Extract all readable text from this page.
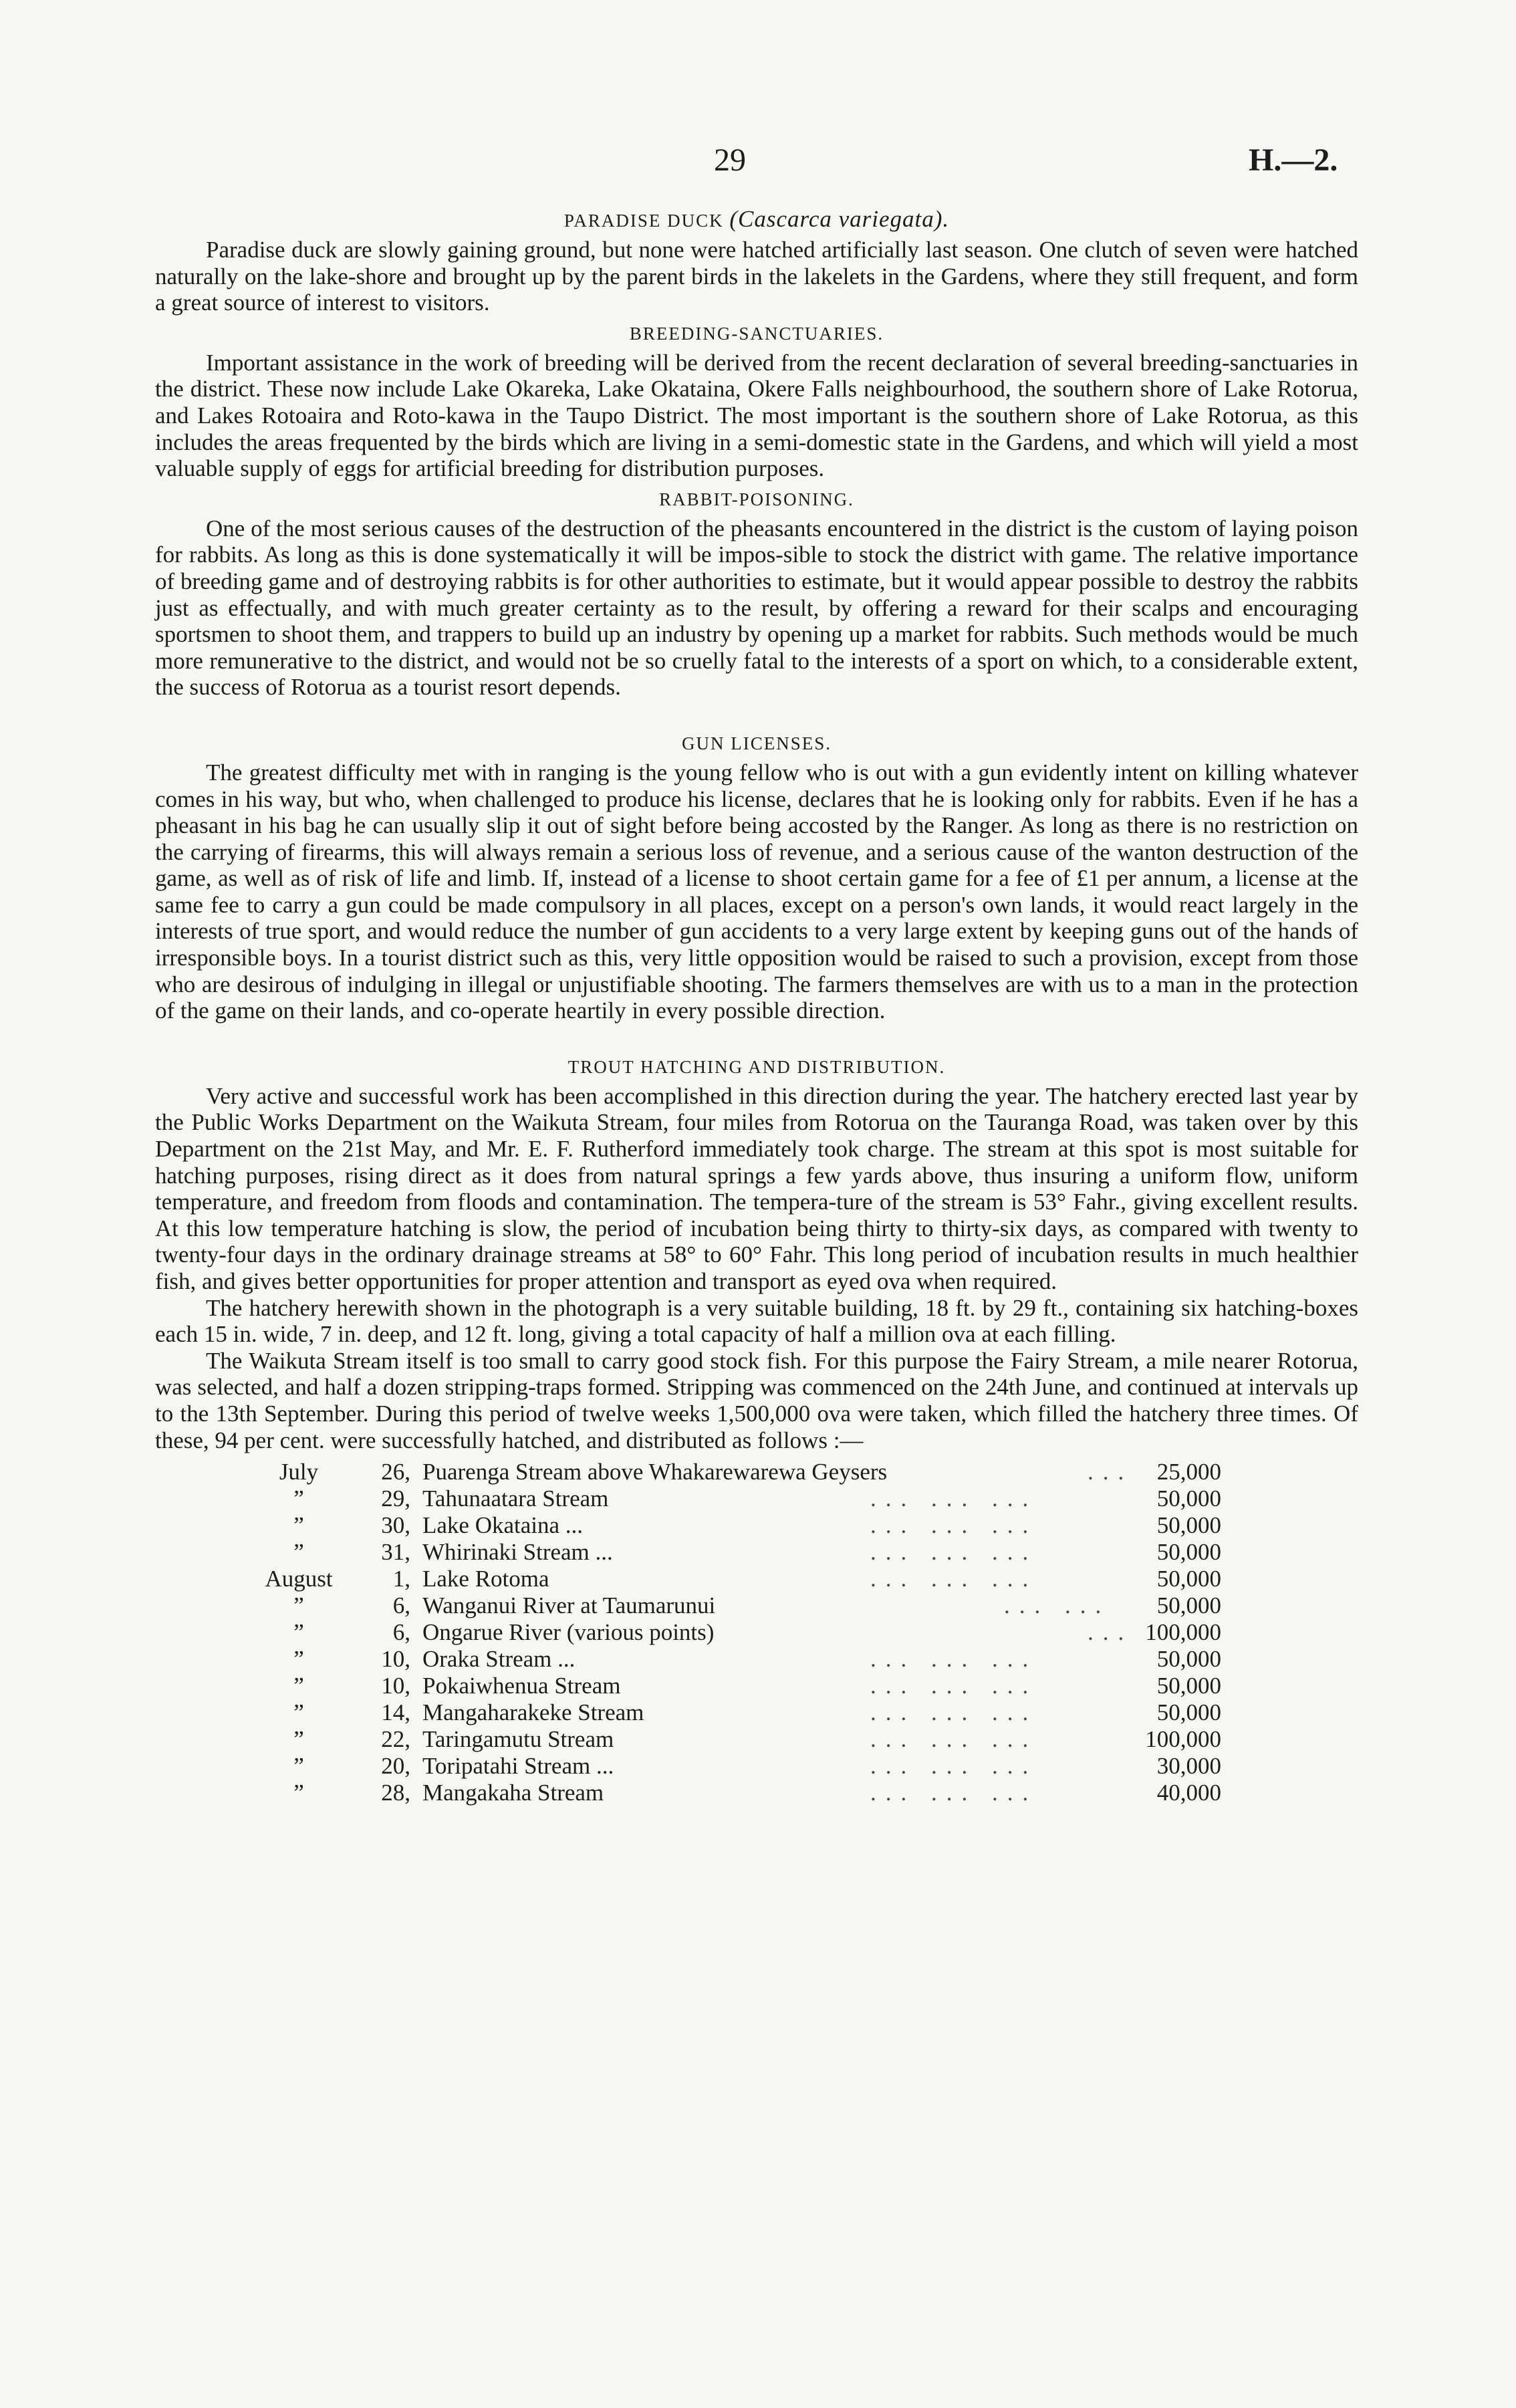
29	H.—2.
PARADISE DUCK (Cascarca variegata).

Paradise duck are slowly gaining ground, but none were hatched artificially last season. One clutch of seven were hatched naturally on the lake-shore and brought up by the parent birds in the lakelets in the Gardens, where they still frequent, and form a great source of interest to visitors.

BREEDING-SANCTUARIES.

Important assistance in the work of breeding will be derived from the recent declaration of several breeding-sanctuaries in the district. These now include Lake Okareka, Lake Okataina, Okere Falls neighbourhood, the southern shore of Lake Rotorua, and Lakes Rotoaira and Roto-kawa in the Taupo District. The most important is the southern shore of Lake Rotorua, as this includes the areas frequented by the birds which are living in a semi-domestic state in the Gardens, and which will yield a most valuable supply of eggs for artificial breeding for distribution purposes.

RABBIT-POISONING.

One of the most serious causes of the destruction of the pheasants encountered in the district is the custom of laying poison for rabbits. As long as this is done systematically it will be impos-sible to stock the district with game. The relative importance of breeding game and of destroying rabbits is for other authorities to estimate, but it would appear possible to destroy the rabbits just as effectually, and with much greater certainty as to the result, by offering a reward for their scalps and encouraging sportsmen to shoot them, and trappers to build up an industry by opening up a market for rabbits. Such methods would be much more remunerative to the district, and would not be so cruelly fatal to the interests of a sport on which, to a considerable extent, the success of Rotorua as a tourist resort depends.

GUN LICENSES.

The greatest difficulty met with in ranging is the young fellow who is out with a gun evidently intent on killing whatever comes in his way, but who, when challenged to produce his license, declares that he is looking only for rabbits. Even if he has a pheasant in his bag he can usually slip it out of sight before being accosted by the Ranger. As long as there is no restriction on the carrying of firearms, this will always remain a serious loss of revenue, and a serious cause of the wanton destruction of the game, as well as of risk of life and limb. If, instead of a license to shoot certain game for a fee of £1 per annum, a license at the same fee to carry a gun could be made compulsory in all places, except on a person's own lands, it would react largely in the interests of true sport, and would reduce the number of gun accidents to a very large extent by keeping guns out of the hands of irresponsible boys. In a tourist district such as this, very little opposition would be raised to such a provision, except from those who are desirous of indulging in illegal or unjustifiable shooting. The farmers themselves are with us to a man in the protection of the game on their lands, and co-operate heartily in every possible direction.

TROUT HATCHING AND DISTRIBUTION.

Very active and successful work has been accomplished in this direction during the year. The hatchery erected last year by the Public Works Department on the Waikuta Stream, four miles from Rotorua on the Tauranga Road, was taken over by this Department on the 21st May, and Mr. E. F. Rutherford immediately took charge. The stream at this spot is most suitable for hatching purposes, rising direct as it does from natural springs a few yards above, thus insuring a uniform flow, uniform temperature, and freedom from floods and contamination. The tempera-ture of the stream is 53° Fahr., giving excellent results. At this low temperature hatching is slow, the period of incubation being thirty to thirty-six days, as compared with twenty to twenty-four days in the ordinary drainage streams at 58° to 60° Fahr. This long period of incubation results in much healthier fish, and gives better opportunities for proper attention and transport as eyed ova when required.

The hatchery herewith shown in the photograph is a very suitable building, 18 ft. by 29 ft., containing six hatching-boxes each 15 in. wide, 7 in. deep, and 12 ft. long, giving a total capacity of half a million ova at each filling.

The Waikuta Stream itself is too small to carry good stock fish. For this purpose the Fairy Stream, a mile nearer Rotorua, was selected, and half a dozen stripping-traps formed. Stripping was commenced on the 24th June, and continued at intervals up to the 13th September. During this period of twelve weeks 1,500,000 ova were taken, which filled the hatchery three times. Of these, 94 per cent. were successfully hatched, and distributed as follows :—

July	26, Puarenga Stream above Whakarewarewa Geysers	...	25,000
”	29, Tahunaatara Stream	... ... ...	50,000
”	30, Lake Okataina ...	... ... ...	50,000
”	31, Whirinaki Stream ...	... ... ...	50,000
August	1, Lake Rotoma	... ... ...	50,000
”	6, Wanganui River at Taumarunui	... ...	50,000
”	6, Ongarue River (various points)	... 100,000
”	10, Oraka Stream ...	... ... ...	50,000
”	10, Pokaiwhenua Stream	... ... ...	50,000
”	14, Mangaharakeke Stream	... ... ...	50,000
”	22, Taringamutu Stream	... ... ...	100,000
”	20, Toripatahi Stream ...	... ... ...	30,000
”	28, Mangakaha Stream	... ... ...	40,000
